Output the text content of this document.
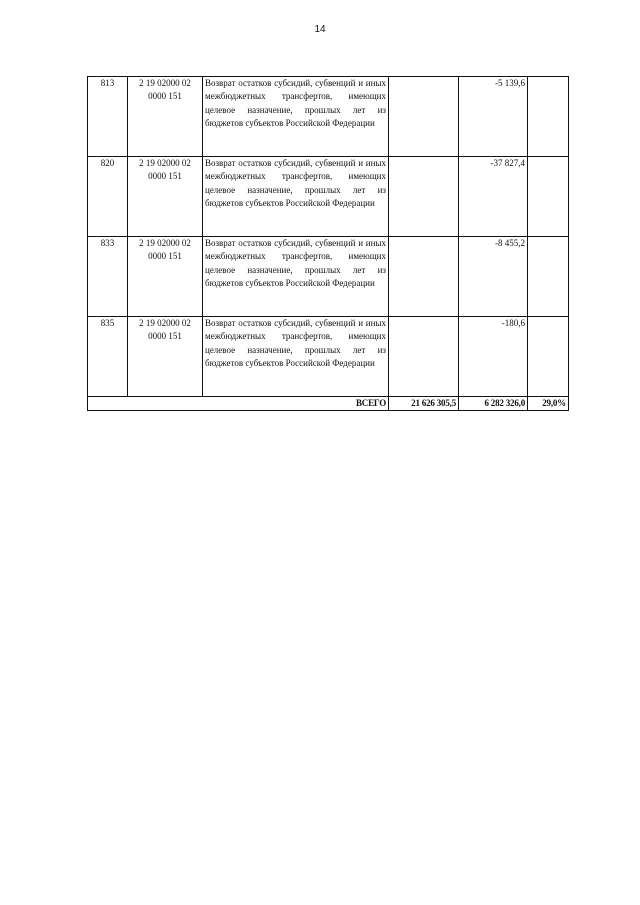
14
813	2 19 02000 02 0000 151	Возврат остатков субсидий, субвенций и иных межбюджетных трансфертов, имеющих целевое назначение, прошлых лет из бюджетов субъектов Российской Федерации		-5 139,6	
820	2 19 02000 02 0000 151	Возврат остатков субсидий, субвенций и иных межбюджетных трансфертов, имеющих целевое назначение, прошлых лет из бюджетов субъектов Российской Федерации		-37 827,4	
833	2 19 02000 02 0000 151	Возврат остатков субсидий, субвенций и иных межбюджетных трансфертов, имеющих целевое назначение, прошлых лет из бюджетов субъектов Российской Федерации		-8 455,2	
835	2 19 02000 02 0000 151	Возврат остатков субсидий, субвенций и иных межбюджетных трансфертов, имеющих целевое назначение, прошлых лет из бюджетов субъектов Российской Федерации		-180,6	
ВСЕГО			21 626 305,5	6 282 326,0	29,0%
